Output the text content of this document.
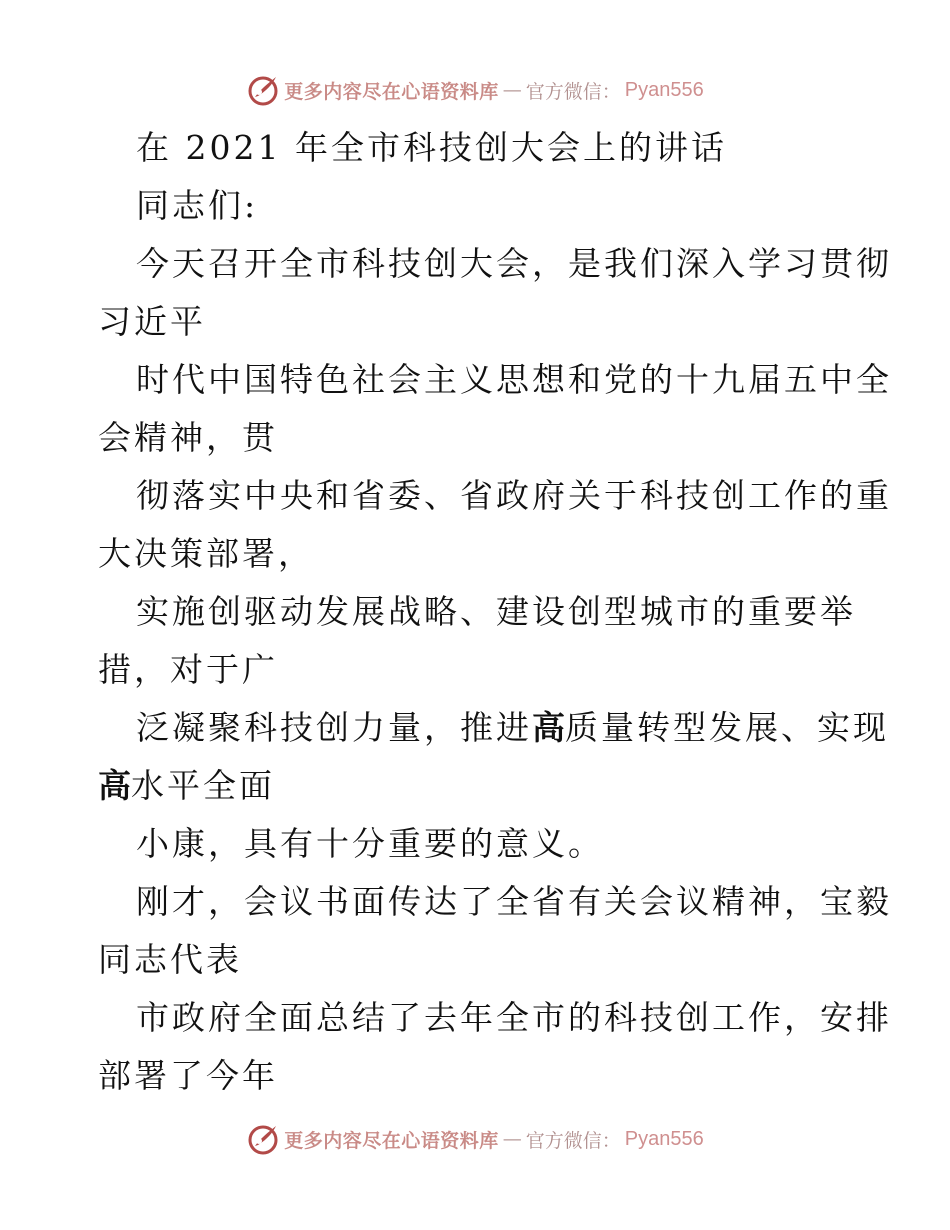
更多内容尽在心语资料库 — 官方微信： Pyan556

在 2021 年全市科技创大会上的讲话

同志们:

今天召开全市科技创大会，是我们深入学习贯彻

习近平

时代中国特色社会主义思想和党的十九届五中全

会精神，贯

彻落实中央和省委、省政府关于科技创工作的重

大决策部署，

实施创驱动发展战略、建设创型城市的重要举

措，对于广

泛凝聚科技创力量，推进高质量转型发展、实现

高水平全面

小康，具有十分重要的意义。

刚才，会议书面传达了全省有关会议精神，宝毅

同志代表

市政府全面总结了去年全市的科技创工作，安排

部署了今年

更多内容尽在心语资料库 — 官方微信： Pyan556
